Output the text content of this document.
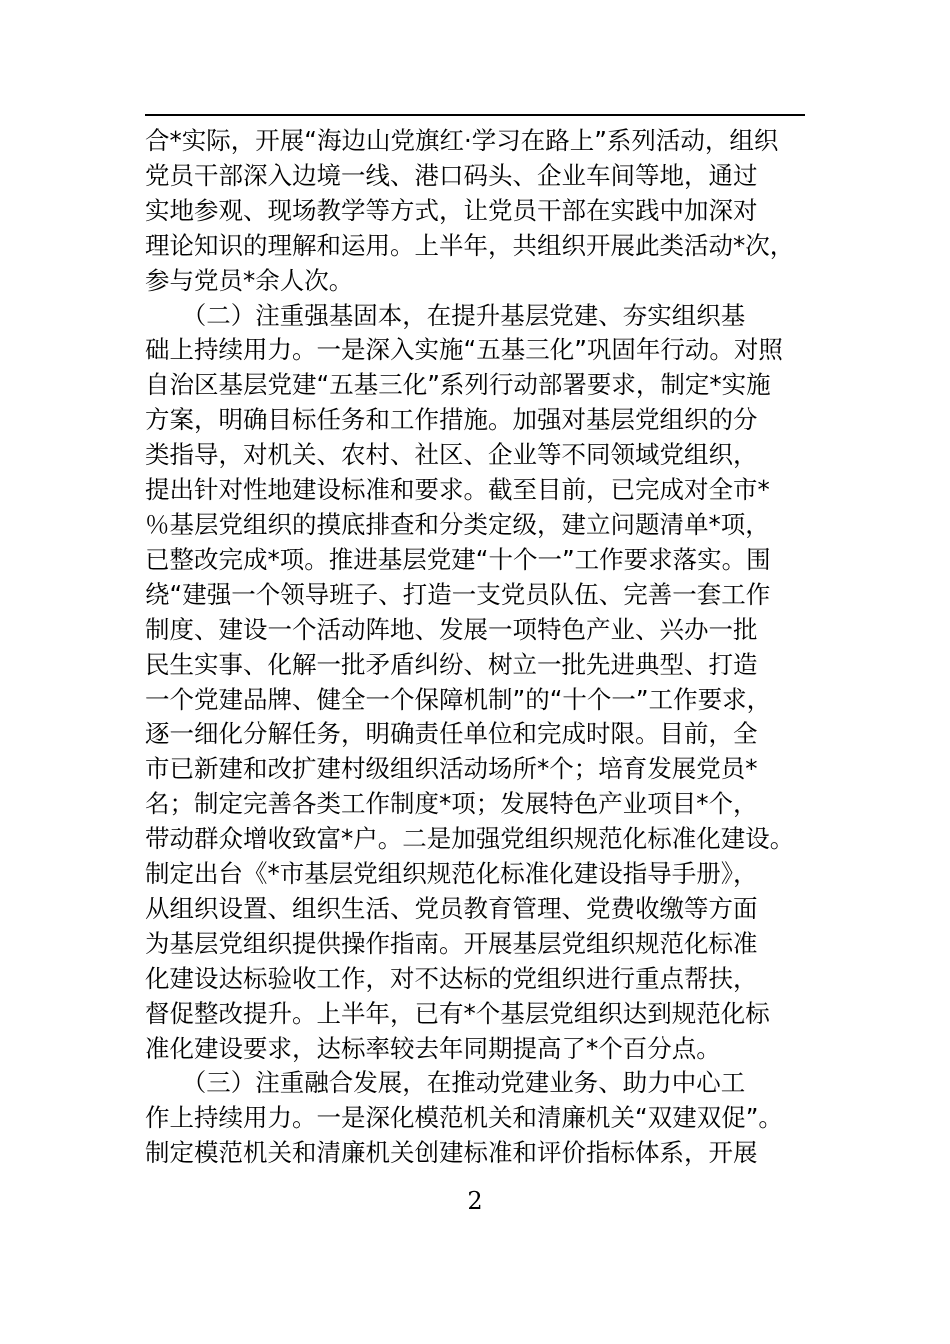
合*实际，开展“海边山党旗红·学习在路上”系列活动，组织
党员干部深入边境一线、港口码头、企业车间等地，通过
实地参观、现场教学等方式，让党员干部在实践中加深对
理论知识的理解和运用。上半年，共组织开展此类活动*次，
参与党员*余人次。

　　（二）注重强基固本，在提升基层党建、夯实组织基
础上持续用力。一是深入实施“五基三化”巩固年行动。对照
自治区基层党建“五基三化”系列行动部署要求，制定*实施
方案，明确目标任务和工作措施。加强对基层党组织的分
类指导，对机关、农村、社区、企业等不同领域党组织，
提出针对性地建设标准和要求。截至目前，已完成对全市*
％基层党组织的摸底排查和分类定级，建立问题清单*项，
已整改完成*项。推进基层党建“十个一”工作要求落实。围
绕“建强一个领导班子、打造一支党员队伍、完善一套工作
制度、建设一个活动阵地、发展一项特色产业、兴办一批
民生实事、化解一批矛盾纠纷、树立一批先进典型、打造
一个党建品牌、健全一个保障机制”的“十个一”工作要求，
逐一细化分解任务，明确责任单位和完成时限。目前，全
市已新建和改扩建村级组织活动场所*个；培育发展党员*
名；制定完善各类工作制度*项；发展特色产业项目*个，
带动群众增收致富*户。二是加强党组织规范化标准化建设。
制定出台《*市基层党组织规范化标准化建设指导手册》，
从组织设置、组织生活、党员教育管理、党费收缴等方面
为基层党组织提供操作指南。开展基层党组织规范化标准
化建设达标验收工作，对不达标的党组织进行重点帮扶，
督促整改提升。上半年，已有*个基层党组织达到规范化标
准化建设要求，达标率较去年同期提高了*个百分点。

　　（三）注重融合发展，在推动党建业务、助力中心工
作上持续用力。一是深化模范机关和清廉机关“双建双促”。
制定模范机关和清廉机关创建标准和评价指标体系，开展

2
